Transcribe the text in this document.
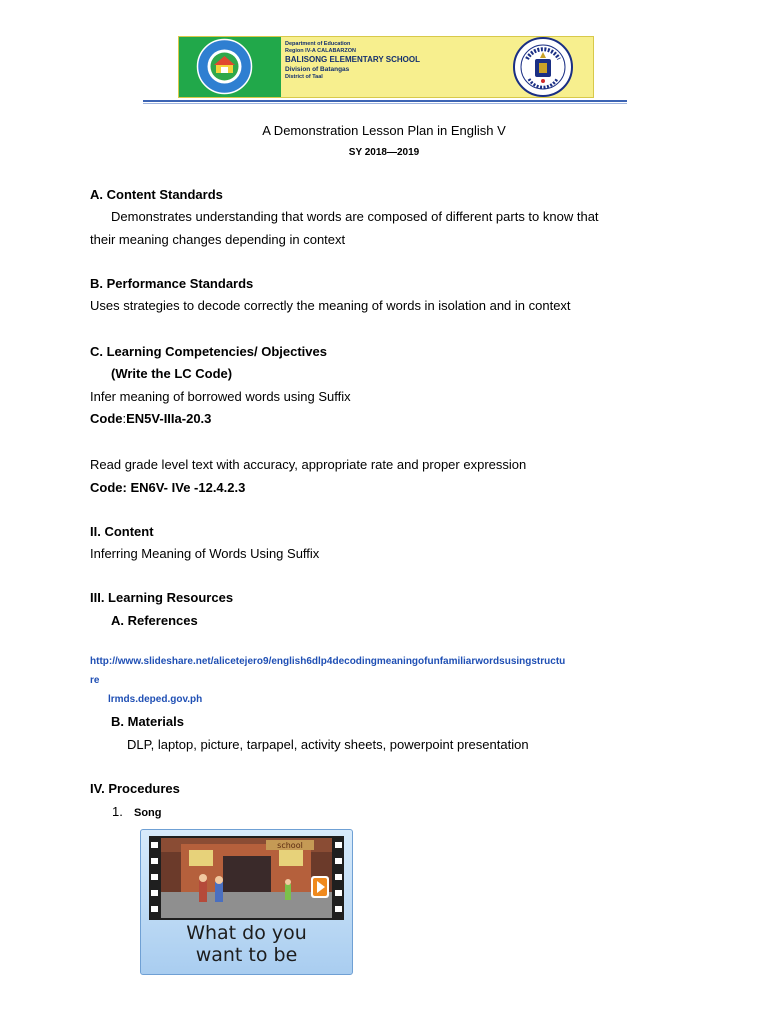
Department of Education
Region IV-A CALABARZON
BALISONG ELEMENTARY SCHOOL
Division of Batangas
District of Taal
A Demonstration Lesson Plan in English V
SY 2018—2019
A. Content Standards
Demonstrates understanding that words are composed of different parts to know that
their meaning changes depending in context
B. Performance Standards
Uses strategies to decode correctly the meaning of words in isolation and in context
C. Learning Competencies/ Objectives
(Write the LC Code)
Infer meaning of borrowed words using Suffix
Code:EN5V-IIIa-20.3
Read grade level text with accuracy, appropriate rate and proper expression
Code: EN6V- IVe -12.4.2.3
II. Content
Inferring Meaning of Words Using Suffix
III. Learning Resources
A. References
http://www.slideshare.net/alicetejero9/english6dlp4decodingmeaningofunfamiliarwordsusingstructu
re
lrmds.deped.gov.ph
B. Materials
DLP, laptop, picture, tarpapel, activity sheets, powerpoint presentation
IV. Procedures
1. Song
school
What do you
want to be
